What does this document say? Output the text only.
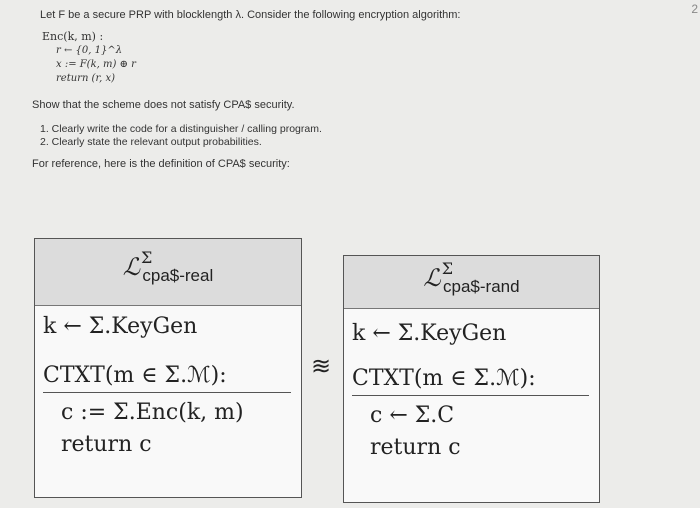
2

Let F be a secure PRP with blocklength λ. Consider the following encryption algorithm:

Enc(k, m) :

r ← {0, 1}^λ

x := F(k, m) ⊕ r

return (r, x)

Show that the scheme does not satisfy CPA$ security.

1. Clearly write the code for a distinguisher / calling program.
2. Clearly state the relevant output probabilities.

For reference, here is the definition of CPA$ security:

ℒΣcpa$-real
k ← Σ.KeyGen
CTXT(m ∈ Σ.ℳ):
c := Σ.Enc(k, m)
return c
≋
ℒΣcpa$-rand
k ← Σ.KeyGen
CTXT(m ∈ Σ.ℳ):
c ← Σ.C
return c
